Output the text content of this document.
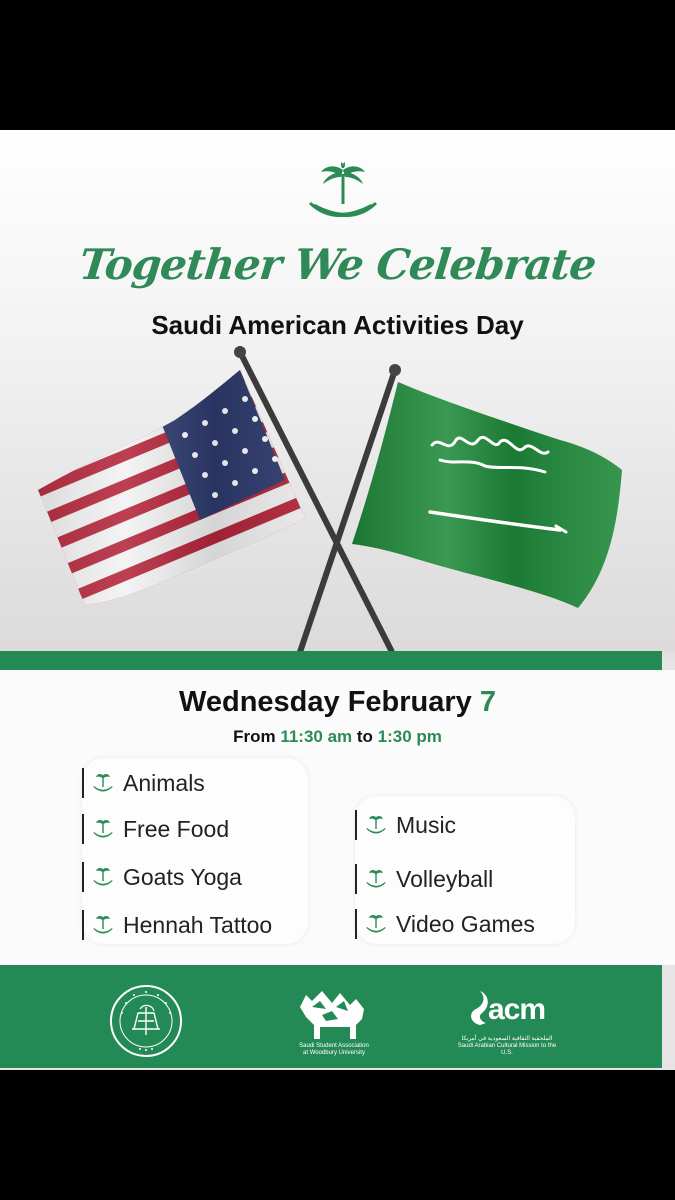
Together We Celebrate
Saudi American Activities Day
Wednesday February 7
From 11:30 am to 1:30 pm
Animals
Free Food
Goats Yoga
Hennah Tattoo
Music
Volleyball
Video Games
Saudi Student Association
at Woodbury University
acm
الملحقية الثقافية السعودية في أمريكا
Saudi Arabian Cultural Mission to the U.S.
